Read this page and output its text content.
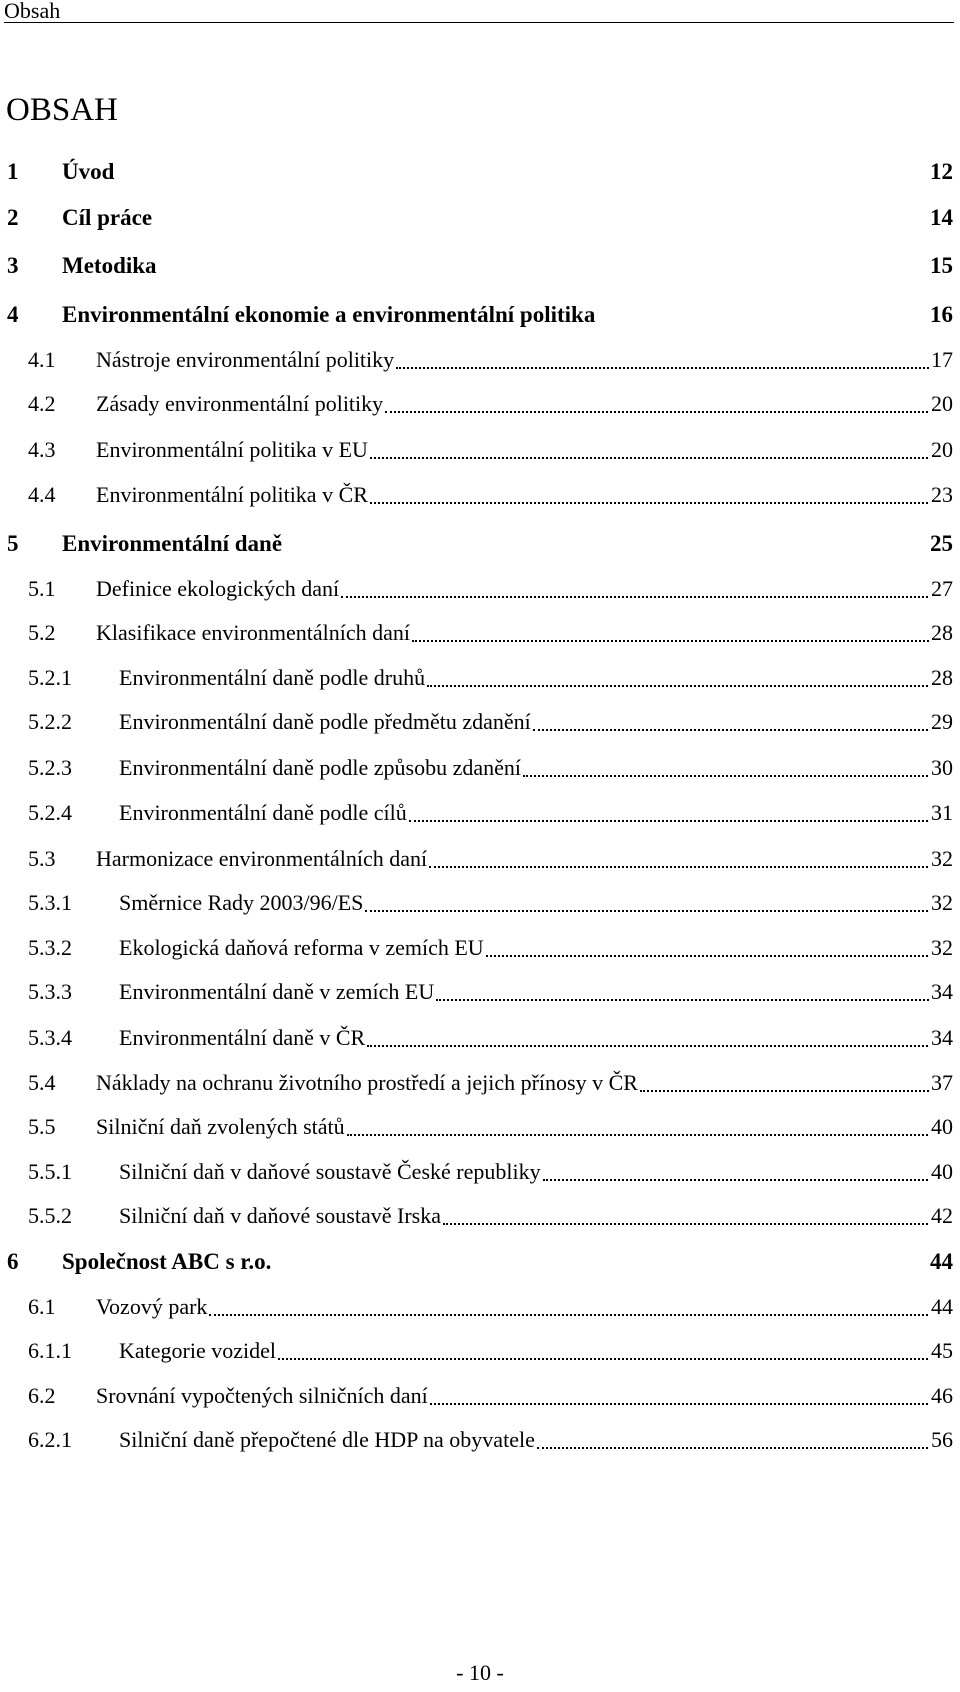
Obsah
OBSAH
1 Úvod	12
2 Cíl práce	14
3 Metodika	15
4 Environmentální ekonomie a environmentální politika	16
4.1 Nástroje environmentální politiky	17
4.2 Zásady environmentální politiky	20
4.3 Environmentální politika v EU	20
4.4 Environmentální politika v ČR	23
5 Environmentální daně	25
5.1 Definice ekologických daní	27
5.2 Klasifikace environmentálních daní	28
5.2.1 Environmentální daně podle druhů	28
5.2.2 Environmentální daně podle předmětu zdanění	29
5.2.3 Environmentální daně podle způsobu zdanění	30
5.2.4 Environmentální daně podle cílů	31
5.3 Harmonizace environmentálních daní	32
5.3.1 Směrnice Rady 2003/96/ES	32
5.3.2 Ekologická daňová reforma v zemích EU	32
5.3.3 Environmentální daně v zemích EU	34
5.3.4 Environmentální daně v ČR	34
5.4 Náklady na ochranu životního prostředí a jejich přínosy v ČR	37
5.5 Silniční daň zvolených států	40
5.5.1 Silniční daň v daňové soustavě České republiky	40
5.5.2 Silniční daň v daňové soustavě Irska	42
6 Společnost ABC s r.o.	44
6.1 Vozový park	44
6.1.1 Kategorie vozidel	45
6.2 Srovnání vypočtených silničních daní	46
6.2.1 Silniční daně přepočtené dle HDP na obyvatele	56
- 10 -
